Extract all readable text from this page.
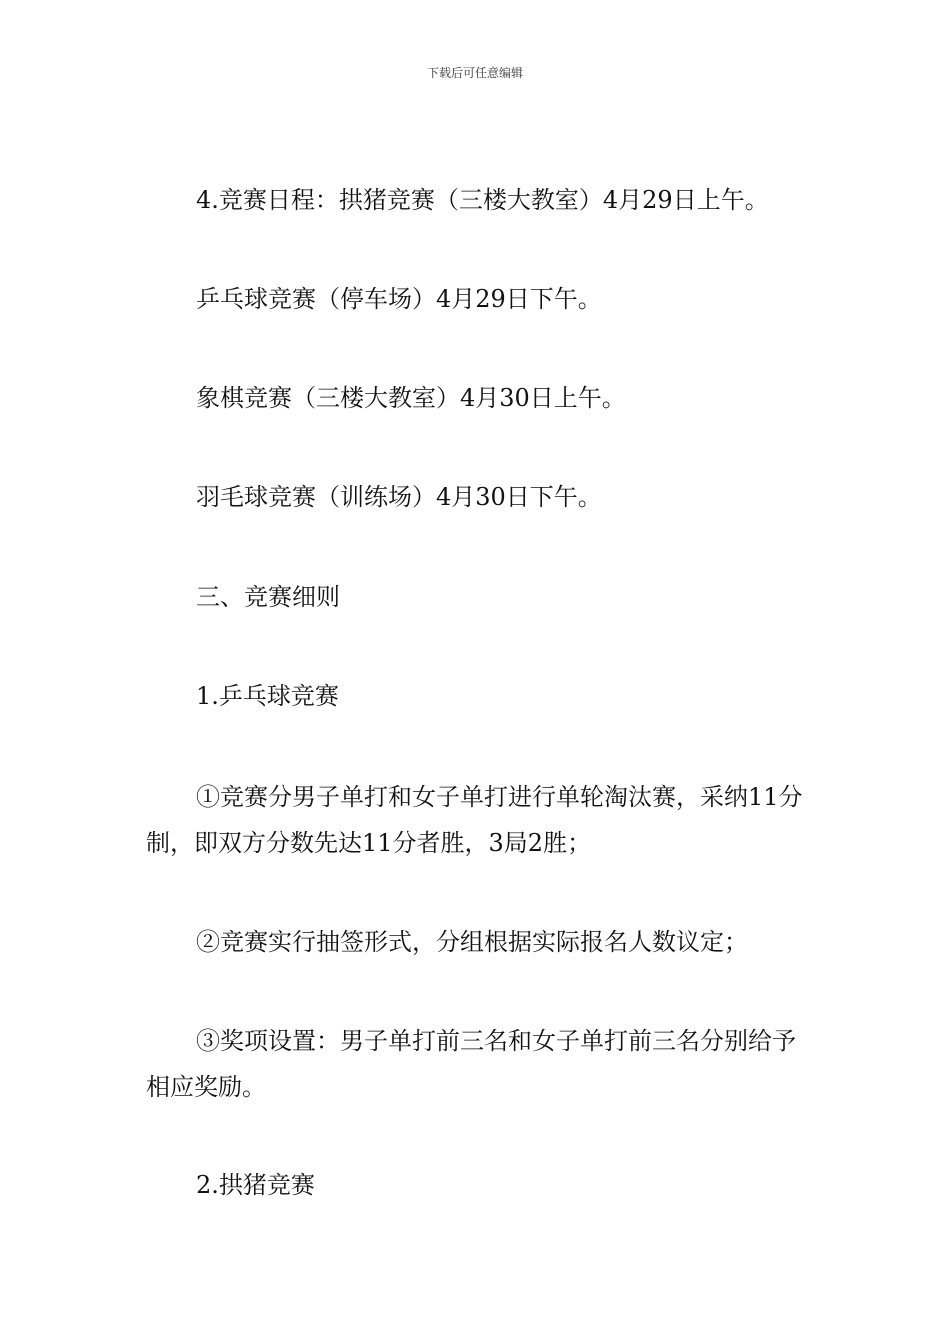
下载后可任意编辑
4.竞赛日程：拱猪竞赛（三楼大教室）4月29日上午。
乒乓球竞赛（停车场）4月29日下午。
象棋竞赛（三楼大教室）4月30日上午。
羽毛球竞赛（训练场）4月30日下午。
三、竞赛细则
1.乒乓球竞赛
①竞赛分男子单打和女子单打进行单轮淘汰赛，采纳11分制，即双方分数先达11分者胜，3局2胜；
②竞赛实行抽签形式，分组根据实际报名人数议定；
③奖项设置：男子单打前三名和女子单打前三名分别给予相应奖励。
2.拱猪竞赛
